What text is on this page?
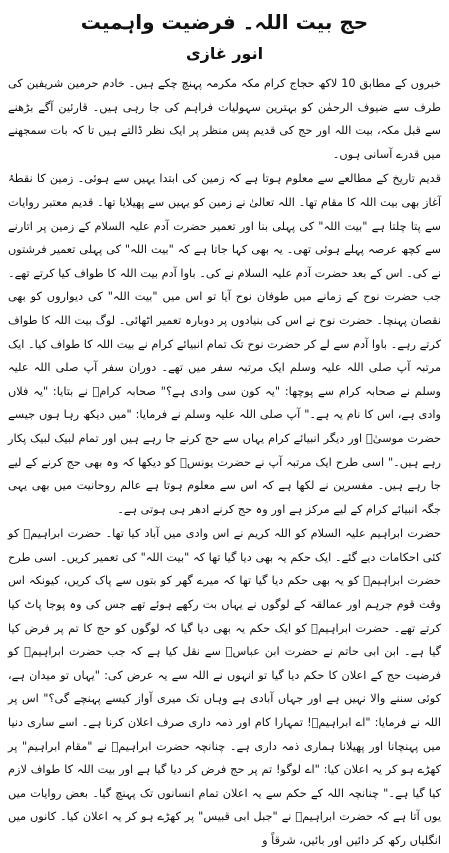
حج بیت اللہ۔ فرضیت واہمیت
انور غازی

خبروں کے مطابق 10 لاکھ حجاج کرام مکہ مکرمہ پہنچ چکے ہیں۔ خادم حرمین شریفین کی طرف سے ضیوف الرحمٰن کو بہترین سہولیات فراہم کی جا رہی ہیں۔ قارئین آگے بڑھنے سے قبل مکہ، بیت اللہ اور حج کی قدیم پس منظر پر ایک نظر ڈالتے ہیں تا کہ بات سمجھنے میں قدرے آسانی ہوں۔

قدیم تاریخ کے مطالعے سے معلوم ہوتا ہے کہ زمین کی ابتدا یہیں سے ہوئی۔ زمین کا نقطۂ آغاز بھی بیت اللہ کا مقام تھا۔ اللہ تعالیٰ نے زمین کو یہیں سے پھیلایا تھا۔ قدیم معتبر روایات سے پتا چلتا ہے "بیت اللہ" کی پہلی بنا اور تعمیر حضرت آدم علیہ السلام کے زمین پر اتارنے سے کچھ عرصہ پہلے ہوئی تھی۔ یہ بھی کہا جاتا ہے کہ "بیت اللہ" کی پہلی تعمیر فرشتوں نے کی۔ اس کے بعد حضرت آدم علیہ السلام نے کی۔ باوا آدم بیت اللہ کا طواف کیا کرتے تھے۔ جب حضرت نوح کے زمانے میں طوفان نوح آیا تو اس میں "بیت اللہ" کی دیواروں کو بھی نقصان پہنچا۔ حضرت نوح نے اس کی بنیادوں پر دوبارہ تعمیر اٹھائی۔ لوگ بیت اللہ کا طواف کرتے رہے۔ باوا آدم سے لے کر حضرت نوح تک تمام انبیائے کرام نے بیت اللہ کا طواف کیا۔ ایک مرتبہ آپ صلی اللہ علیہ وسلم ایک مرتبہ سفر میں تھے۔ دوران سفر آپ صلی اللہ علیہ وسلم نے صحابہ کرام سے پوچھا: "یہ کون سی وادی ہے؟" صحابہ کرامؓ نے بتایا: "یہ فلاں وادی ہے، اس کا نام یہ ہے۔" آپ صلی اللہ علیہ وسلم نے فرمایا: "میں دیکھ رہا ہوں جیسے حضرت موسیٰؑ اور دیگر انبیائے کرام یہاں سے حج کرنے جا رہے ہیں اور تمام لبیک لبیک پکار رہے ہیں۔" اسی طرح ایک مرتبہ آپ نے حضرت یونسؑ کو دیکھا کہ وہ بھی حج کرنے کے لیے جا رہے ہیں۔ مفسرین نے لکھا ہے کہ اس سے معلوم ہوتا ہے عالم روحانیت میں بھی یہی جگہ انبیائے کرام کے لیے مرکز ہے اور وہ حج کرنے ادھر ہی ہوتی ہے۔

حضرت ابراہیم علیہ السلام کو اللہ کریم نے اس وادی میں آباد کیا تھا۔ حضرت ابراہیمؑ کو کئی احکامات دیے گئے۔ ایک حکم یہ بھی دیا گیا تھا کہ "بیت اللہ" کی تعمیر کریں۔ اسی طرح حضرت ابراہیمؑ کو یہ بھی حکم دیا گیا تھا کہ میرے گھر کو بتوں سے پاک کریں، کیونکہ اس وقت قوم جرہم اور عمالقہ کے لوگوں نے یہاں بت رکھے ہوئے تھے جس کی وہ پوجا پاٹ کیا کرتے تھے۔ حضرت ابراہیمؑ کو ایک حکم یہ بھی دیا گیا کہ لوگوں کو حج کا تم پر فرض کیا گیا ہے۔ ابن ابی حاتم نے حضرت ابن عباسؓ سے نقل کیا ہے کہ جب حضرت ابراہیمؑ کو فرضیت حج کے اعلان کا حکم دیا گیا تو انہوں نے اللہ سے یہ عرض کی: "یہاں تو میدان ہے، کوئی سننے والا نہیں ہے اور جہاں آبادی ہے وہاں تک میری آواز کیسے پہنچے گی؟" اس پر اللہ نے فرمایا: "اے ابراہیمؑ! تمہارا کام اور ذمہ داری صرف اعلان کرنا ہے۔ اسے ساری دنیا میں پہنچانا اور پھیلانا ہماری ذمہ داری ہے۔ چنانچہ حضرت ابراہیمؑ نے "مقام ابراہیم" پر کھڑے ہو کر یہ اعلان کیا: "اے لوگو! تم پر حج فرض کر دیا گیا ہے اور بیت اللہ کا طواف لازم کیا گیا ہے۔" چنانچہ اللہ کے حکم سے یہ اعلان تمام انسانوں تک پہنچ گیا۔ بعض روایات میں یوں آتا ہے کہ حضرت ابراہیمؑ نے "جبل ابی قبیس" پر کھڑے ہو کر یہ اعلان کیا۔ کانوں میں انگلیاں رکھ کر دائیں اور بائیں، شرقاً و
